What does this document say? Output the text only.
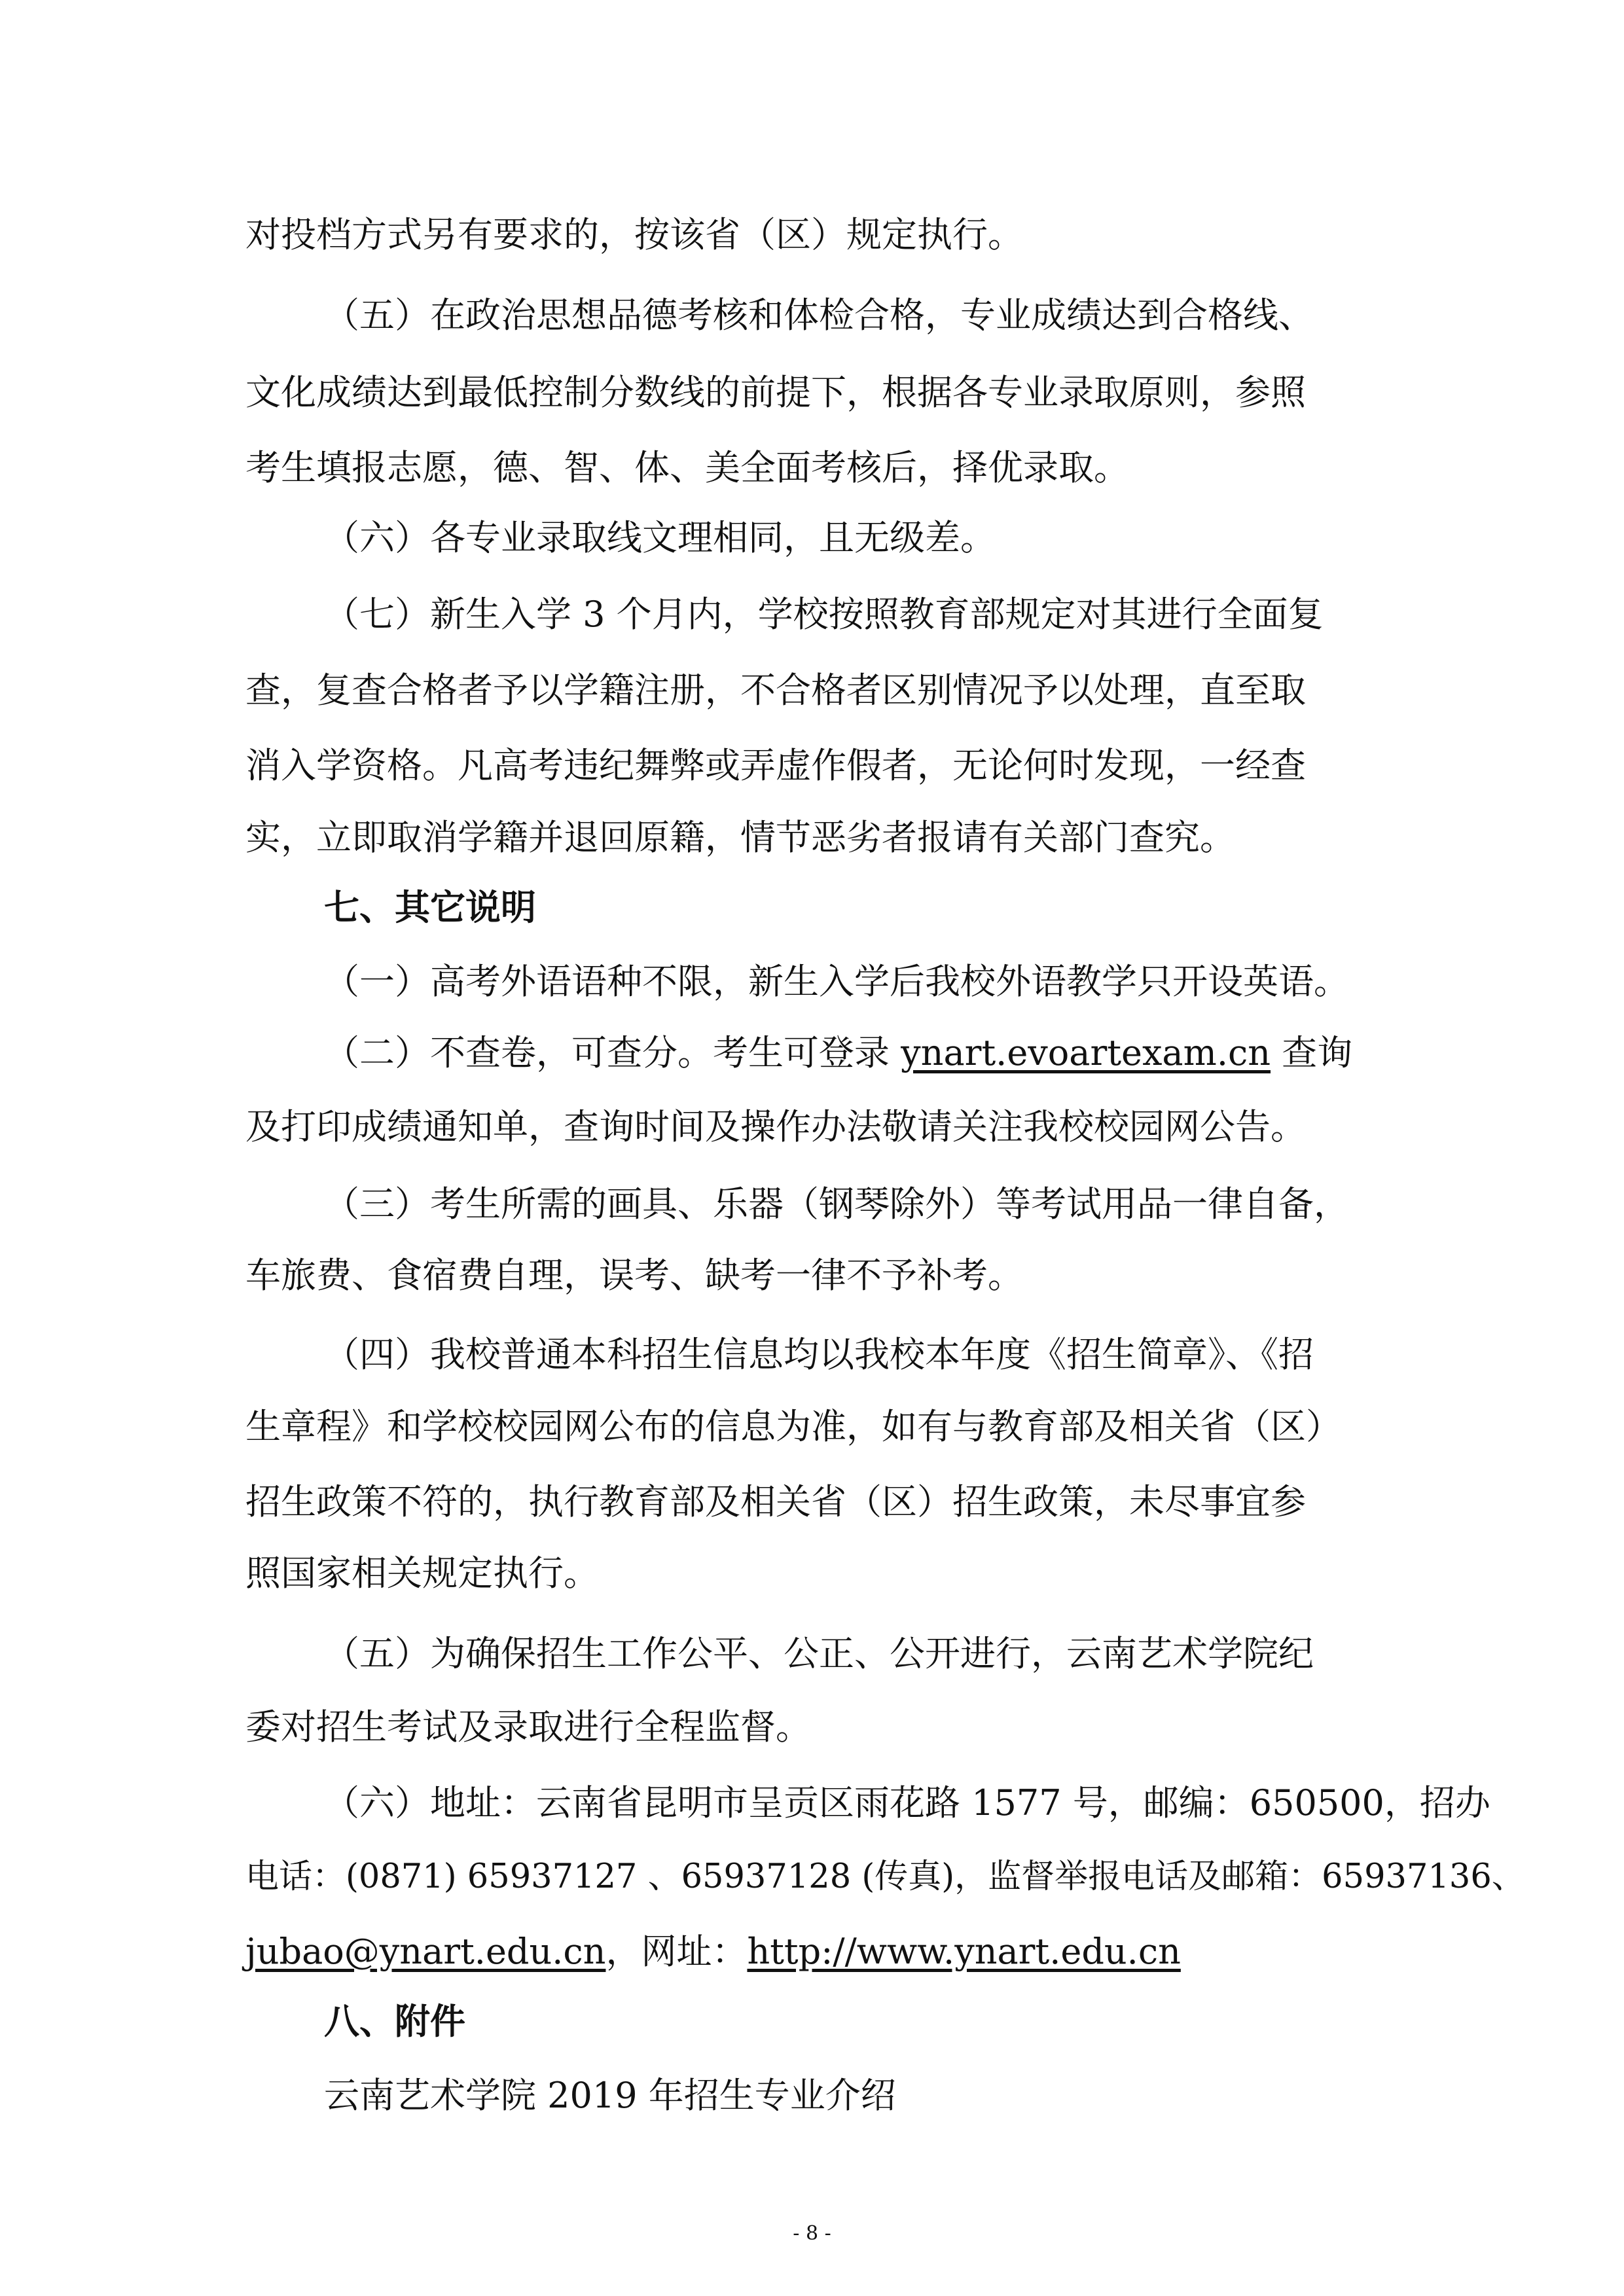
对投档方式另有要求的，按该省（区）规定执行。
（五）在政治思想品德考核和体检合格，专业成绩达到合格线、
文化成绩达到最低控制分数线的前提下，根据各专业录取原则，参照
考生填报志愿，德、智、体、美全面考核后，择优录取。
（六）各专业录取线文理相同，且无级差。
（七）新生入学 3 个月内，学校按照教育部规定对其进行全面复
查，复查合格者予以学籍注册，不合格者区别情况予以处理，直至取
消入学资格。凡高考违纪舞弊或弄虚作假者，无论何时发现，一经查
实，立即取消学籍并退回原籍，情节恶劣者报请有关部门查究。
七、其它说明
（一）高考外语语种不限，新生入学后我校外语教学只开设英语。
（二）不查卷，可查分。考生可登录 ynart.evoartexam.cn 查询
及打印成绩通知单，查询时间及操作办法敬请关注我校校园网公告。
（三）考生所需的画具、乐器（钢琴除外）等考试用品一律自备，
车旅费、食宿费自理，误考、缺考一律不予补考。
（四）我校普通本科招生信息均以我校本年度《招生简章》、《招
生章程》和学校校园网公布的信息为准，如有与教育部及相关省（区）
招生政策不符的，执行教育部及相关省（区）招生政策，未尽事宜参
照国家相关规定执行。
（五）为确保招生工作公平、公正、公开进行，云南艺术学院纪
委对招生考试及录取进行全程监督。
（六）地址：云南省昆明市呈贡区雨花路 1577 号，邮编：650500，招办
电话：(0871) 65937127 、65937128 (传真)，监督举报电话及邮箱：65937136、
jubao@ynart.edu.cn，网址：http://www.ynart.edu.cn
八、附件
云南艺术学院 2019 年招生专业介绍
- 8 -
